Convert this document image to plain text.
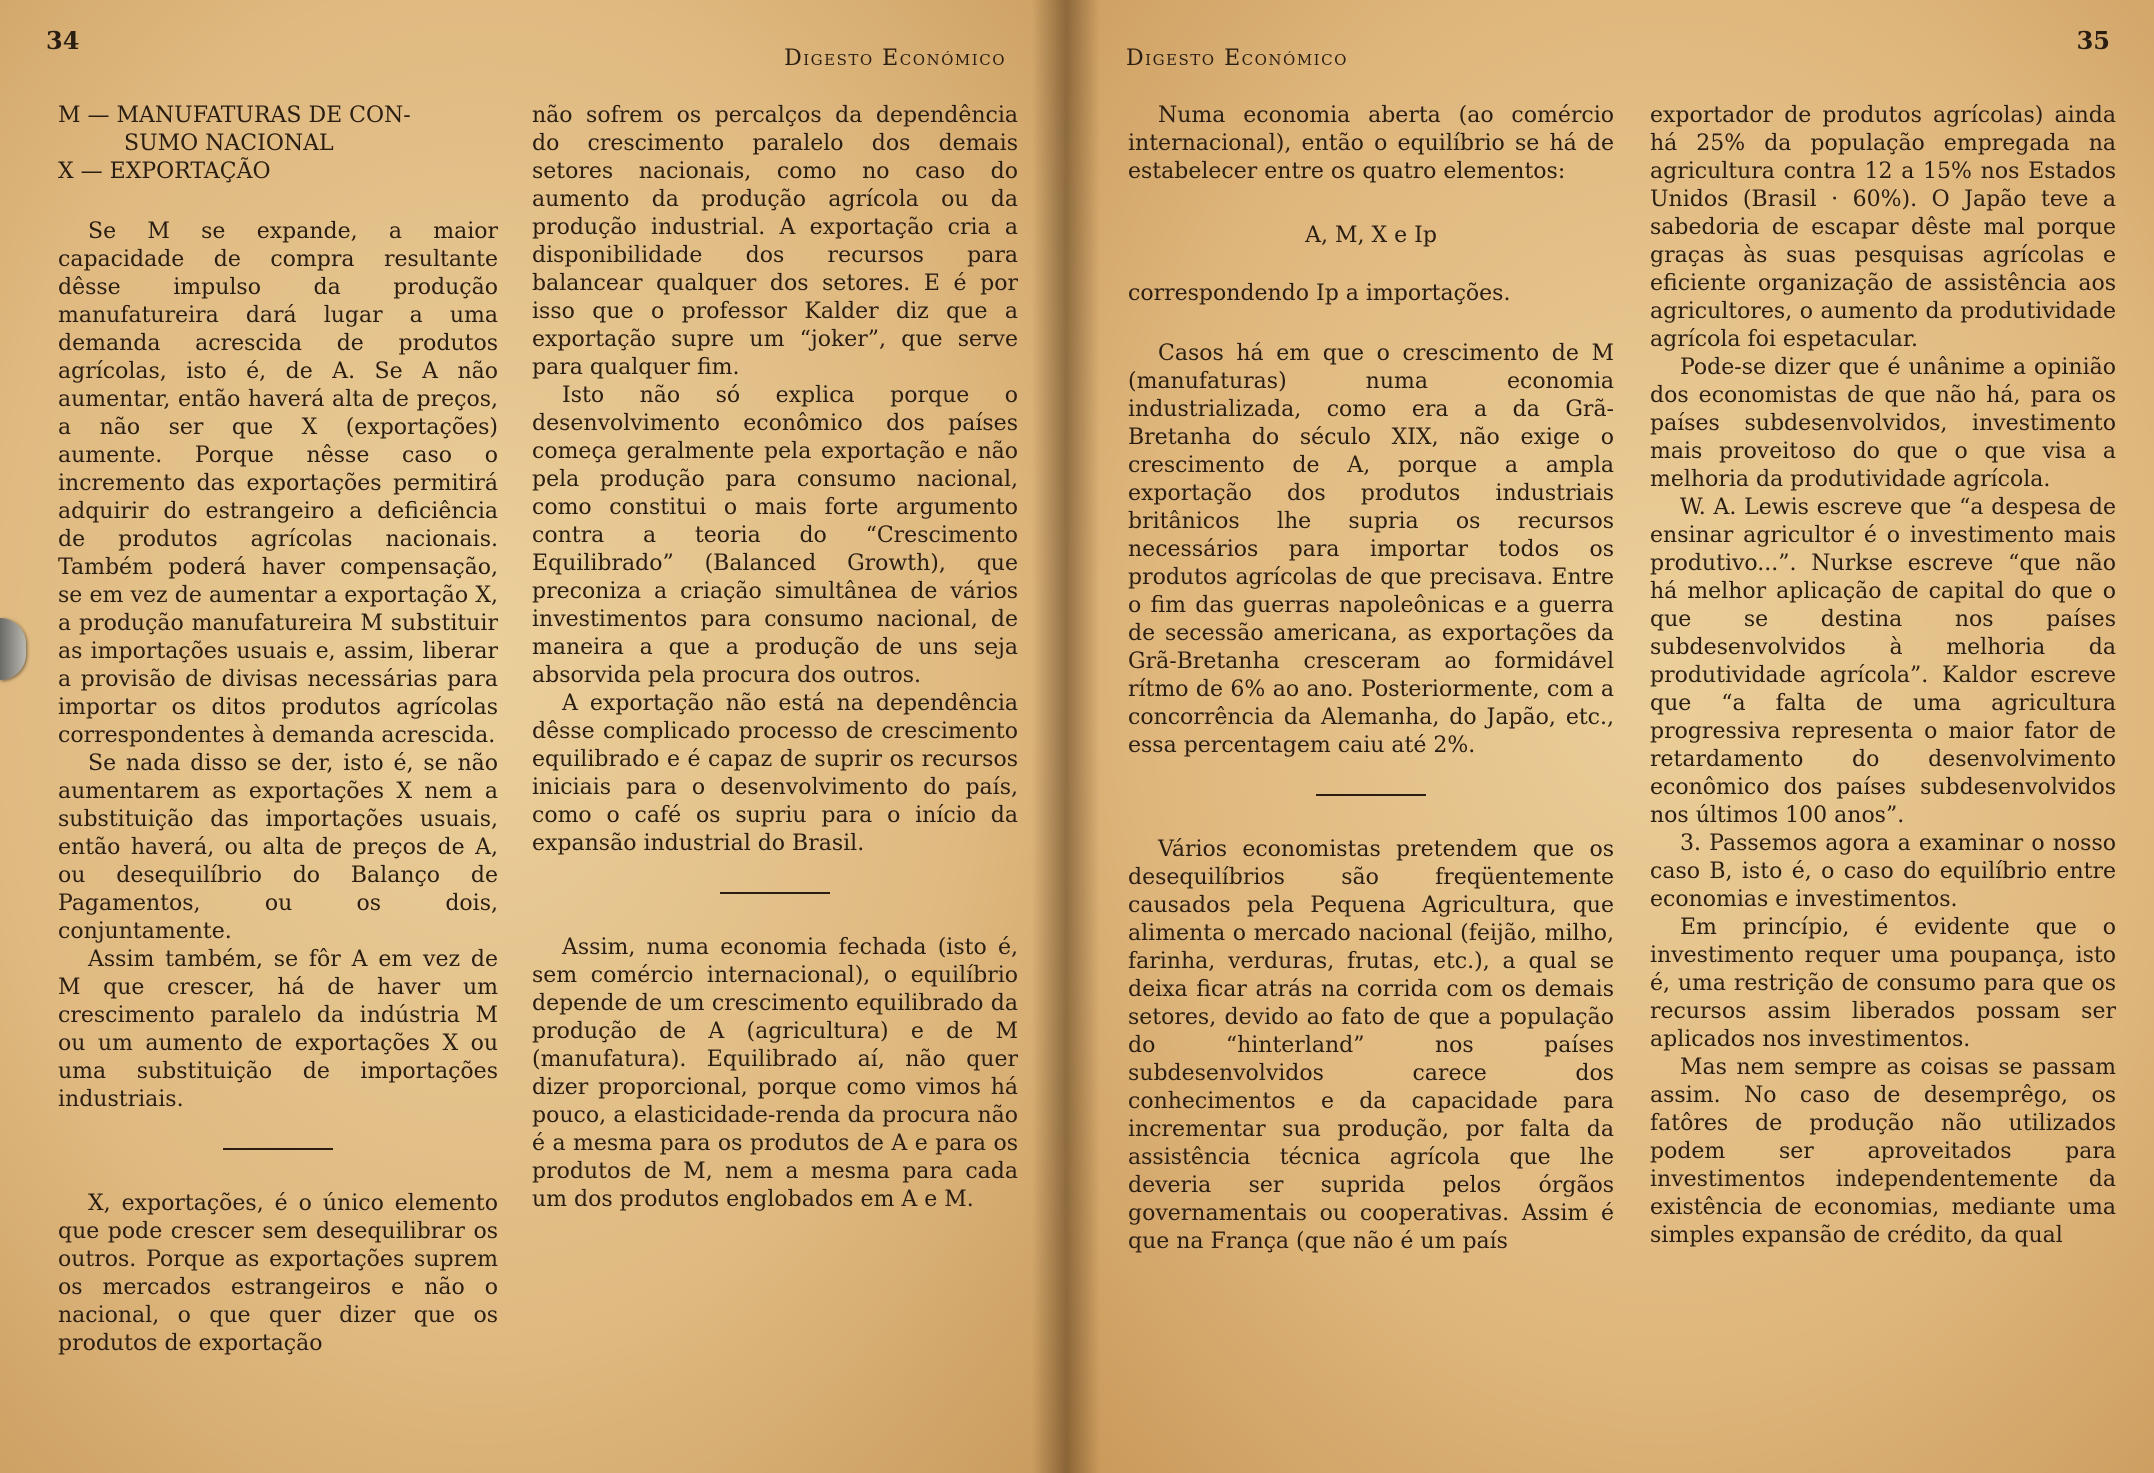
34
Digesto Económico
M — MANUFATURAS DE CON-
SUMO NACIONAL
X — EXPORTAÇÃO

Se M se expande, a maior capacidade de compra resultante dêsse impulso da produção manufatureira dará lugar a uma demanda acrescida de produtos agrícolas, isto é, de A. Se A não aumentar, então haverá alta de preços, a não ser que X (exportações) aumente. Porque nêsse caso o incremento das exportações permitirá adquirir do estrangeiro a deficiência de produtos agrícolas nacionais. Também poderá haver compensação, se em vez de aumentar a exportação X, a produção manufatureira M substituir as importações usuais e, assim, liberar a provisão de divisas necessárias para importar os ditos produtos agrícolas correspondentes à demanda acrescida.

Se nada disso se der, isto é, se não aumentarem as exportações X nem a substituição das importações usuais, então haverá, ou alta de preços de A, ou desequilíbrio do Balanço de Pagamentos, ou os dois, conjuntamente.

Assim também, se fôr A em vez de M que crescer, há de haver um crescimento paralelo da indústria M ou um aumento de exportações X ou uma substituição de importações industriais.

X, exportações, é o único elemento que pode crescer sem desequilibrar os outros. Porque as exportações suprem os mercados estrangeiros e não o nacional, o que quer dizer que os produtos de exportação

não sofrem os percalços da dependência do crescimento paralelo dos demais setores nacionais, como no caso do aumento da produção agrícola ou da produção industrial. A exportação cria a disponibilidade dos recursos para balancear qualquer dos setores. E é por isso que o professor Kalder diz que a exportação supre um “joker”, que serve para qualquer fim.

Isto não só explica porque o desenvolvimento econômico dos países começa geralmente pela exportação e não pela produção para consumo nacional, como constitui o mais forte argumento contra a teoria do “Crescimento Equilibrado” (Balanced Growth), que preconiza a criação simultânea de vários investimentos para consumo nacional, de maneira a que a produção de uns seja absorvida pela procura dos outros.

A exportação não está na dependência dêsse complicado processo de crescimento equilibrado e é capaz de suprir os recursos iniciais para o desenvolvimento do país, como o café os supriu para o início da expansão industrial do Brasil.

Assim, numa economia fechada (isto é, sem comércio internacional), o equilíbrio depende de um crescimento equilibrado da produção de A (agricultura) e de M (manufatura). Equilibrado aí, não quer dizer proporcional, porque como vimos há pouco, a elasticidade-renda da procura não é a mesma para os produtos de A e para os produtos de M, nem a mesma para cada um dos produtos englobados em A e M.

35
Digesto Económico

Numa economia aberta (ao comércio internacional), então o equilíbrio se há de estabelecer entre os quatro elementos:

A, M, X e Ip

correspondendo Ip a importações.

Casos há em que o crescimento de M (manufaturas) numa economia industrializada, como era a da Grã-Bretanha do século XIX, não exige o crescimento de A, porque a ampla exportação dos produtos industriais britânicos lhe supria os recursos necessários para importar todos os produtos agrícolas de que precisava. Entre o fim das guerras napoleônicas e a guerra de secessão americana, as exportações da Grã-Bretanha cresceram ao formidável rítmo de 6% ao ano. Posteriormente, com a concorrência da Alemanha, do Japão, etc., essa percentagem caiu até 2%.

Vários economistas pretendem que os desequilíbrios são freqüentemente causados pela Pequena Agricultura, que alimenta o mercado nacional (feijão, milho, farinha, verduras, frutas, etc.), a qual se deixa ficar atrás na corrida com os demais setores, devido ao fato de que a população do “hinterland” nos países subdesenvolvidos carece dos conhecimentos e da capacidade para incrementar sua produção, por falta da assistência técnica agrícola que lhe deveria ser suprida pelos órgãos governamentais ou cooperativas. Assim é que na França (que não é um país

exportador de produtos agrícolas) ainda há 25% da população empregada na agricultura contra 12 a 15% nos Estados Unidos (Brasil · 60%). O Japão teve a sabedoria de escapar dêste mal porque graças às suas pesquisas agrícolas e eficiente organização de assistência aos agricultores, o aumento da produtividade agrícola foi espetacular.

Pode-se dizer que é unânime a opinião dos economistas de que não há, para os países subdesenvolvidos, investimento mais proveitoso do que o que visa a melhoria da produtividade agrícola.

W. A. Lewis escreve que “a despesa de ensinar agricultor é o investimento mais produtivo...”. Nurkse escreve “que não há melhor aplicação de capital do que o que se destina nos países subdesenvolvidos à melhoria da produtividade agrícola”. Kaldor escreve que “a falta de uma agricultura progressiva representa o maior fator de retardamento do desenvolvimento econômico dos países subdesenvolvidos nos últimos 100 anos”.

3. Passemos agora a examinar o nosso caso B, isto é, o caso do equilíbrio entre economias e investimentos.

Em princípio, é evidente que o investimento requer uma poupança, isto é, uma restrição de consumo para que os recursos assim liberados possam ser aplicados nos investimentos.

Mas nem sempre as coisas se passam assim. No caso de desemprêgo, os fatôres de produção não utilizados podem ser aproveitados para investimentos independentemente da existência de economias, mediante uma simples expansão de crédito, da qual
